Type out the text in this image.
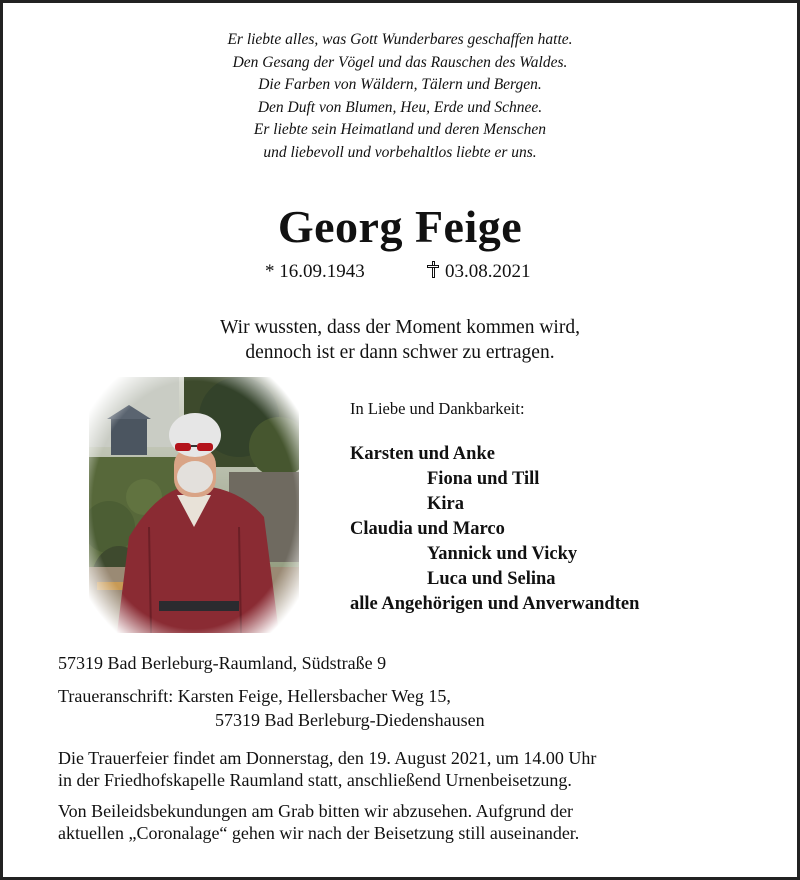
Er liebte alles, was Gott Wunderbares geschaffen hatte.
Den Gesang der Vögel und das Rauschen des Waldes.
Die Farben von Wäldern, Tälern und Bergen.
Den Duft von Blumen, Heu, Erde und Schnee.
Er liebte sein Heimatland und deren Menschen
und liebevoll und vorbehaltlos liebte er uns.
Georg Feige
* 16.09.1943	03.08.2021
Wir wussten, dass der Moment kommen wird,
dennoch ist er dann schwer zu ertragen.
In Liebe und Dankbarkeit:
Karsten und Anke
Fiona und Till
Kira
Claudia und Marco
Yannick und Vicky
Luca und Selina
alle Angehörigen und Anverwandten
57319 Bad Berleburg-Raumland, Südstraße 9
Traueranschrift: Karsten Feige, Hellersbacher Weg 15,
57319 Bad Berleburg-Diedenshausen
Die Trauerfeier findet am Donnerstag, den 19. August 2021, um 14.00 Uhr
in der Friedhofskapelle Raumland statt, anschließend Urnenbeisetzung.
Von Beileidsbekundungen am Grab bitten wir abzusehen. Aufgrund der
aktuellen „Coronalage“ gehen wir nach der Beisetzung still auseinander.
